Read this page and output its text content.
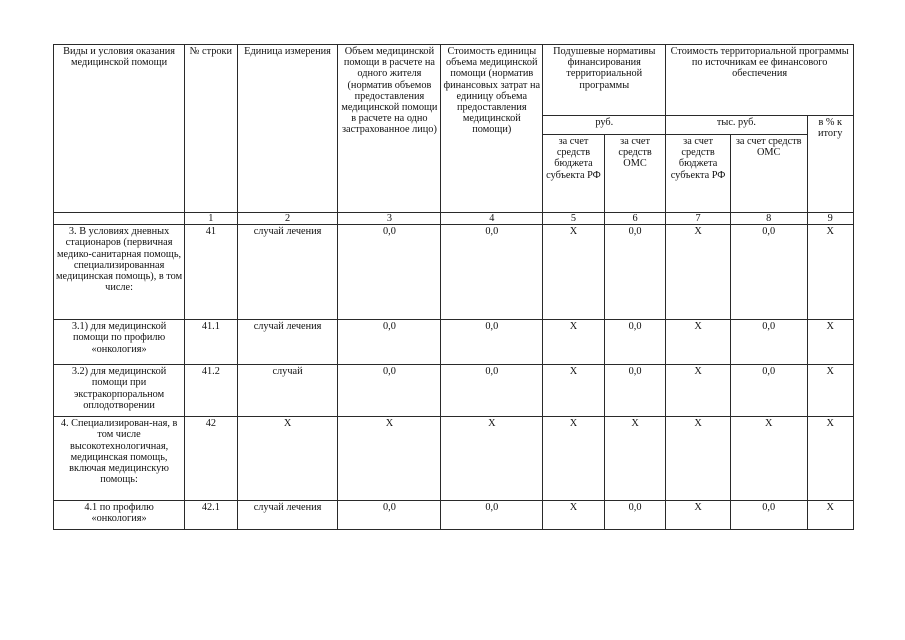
Виды и условия оказания медицинской помощи	№ строки	Единица измерения	Объем медицинской помощи в расчете на одного жителя (норматив объемов предоставления медицинской помощи в расчете на одно застрахованное лицо)	Стоимость единицы объема медицинской помощи (норматив финансовых затрат на единицу объема предоставления медицинской помощи)	Подушевые нормативы финансирования территориальной программы		Стоимость территориальной программы по источникам ее финансового обеспечения		
					руб.		тыс. руб.		в % к итогу
					за счет средств бюджета субъекта РФ	за счет средств ОМС	за счет средств бюджета субъекта РФ	за счет средств ОМС	
	1	2	3	4	5	6	7	8	9
3. В условиях дневных стационаров (первичная медико-санитарная помощь, специализированная медицинская помощь), в том числе:	41	случай лечения	0,0	0,0	Х	0,0	Х	0,0	Х
3.1) для медицинской помощи по профилю «онкология»	41.1	случай лечения	0,0	0,0	Х	0,0	Х	0,0	Х
3.2) для медицинской помощи при экстракорпоральном оплодотворении	41.2	случай	0,0	0,0	Х	0,0	Х	0,0	Х
4. Специализирован-ная, в том числе высокотехнологичная, медицинская помощь, включая медицинскую помощь:	42	Х	Х	Х	Х	Х	Х	Х	Х
4.1 по профилю «онкология»	42.1	случай лечения	0,0	0,0	Х	0,0	Х	0,0	Х
